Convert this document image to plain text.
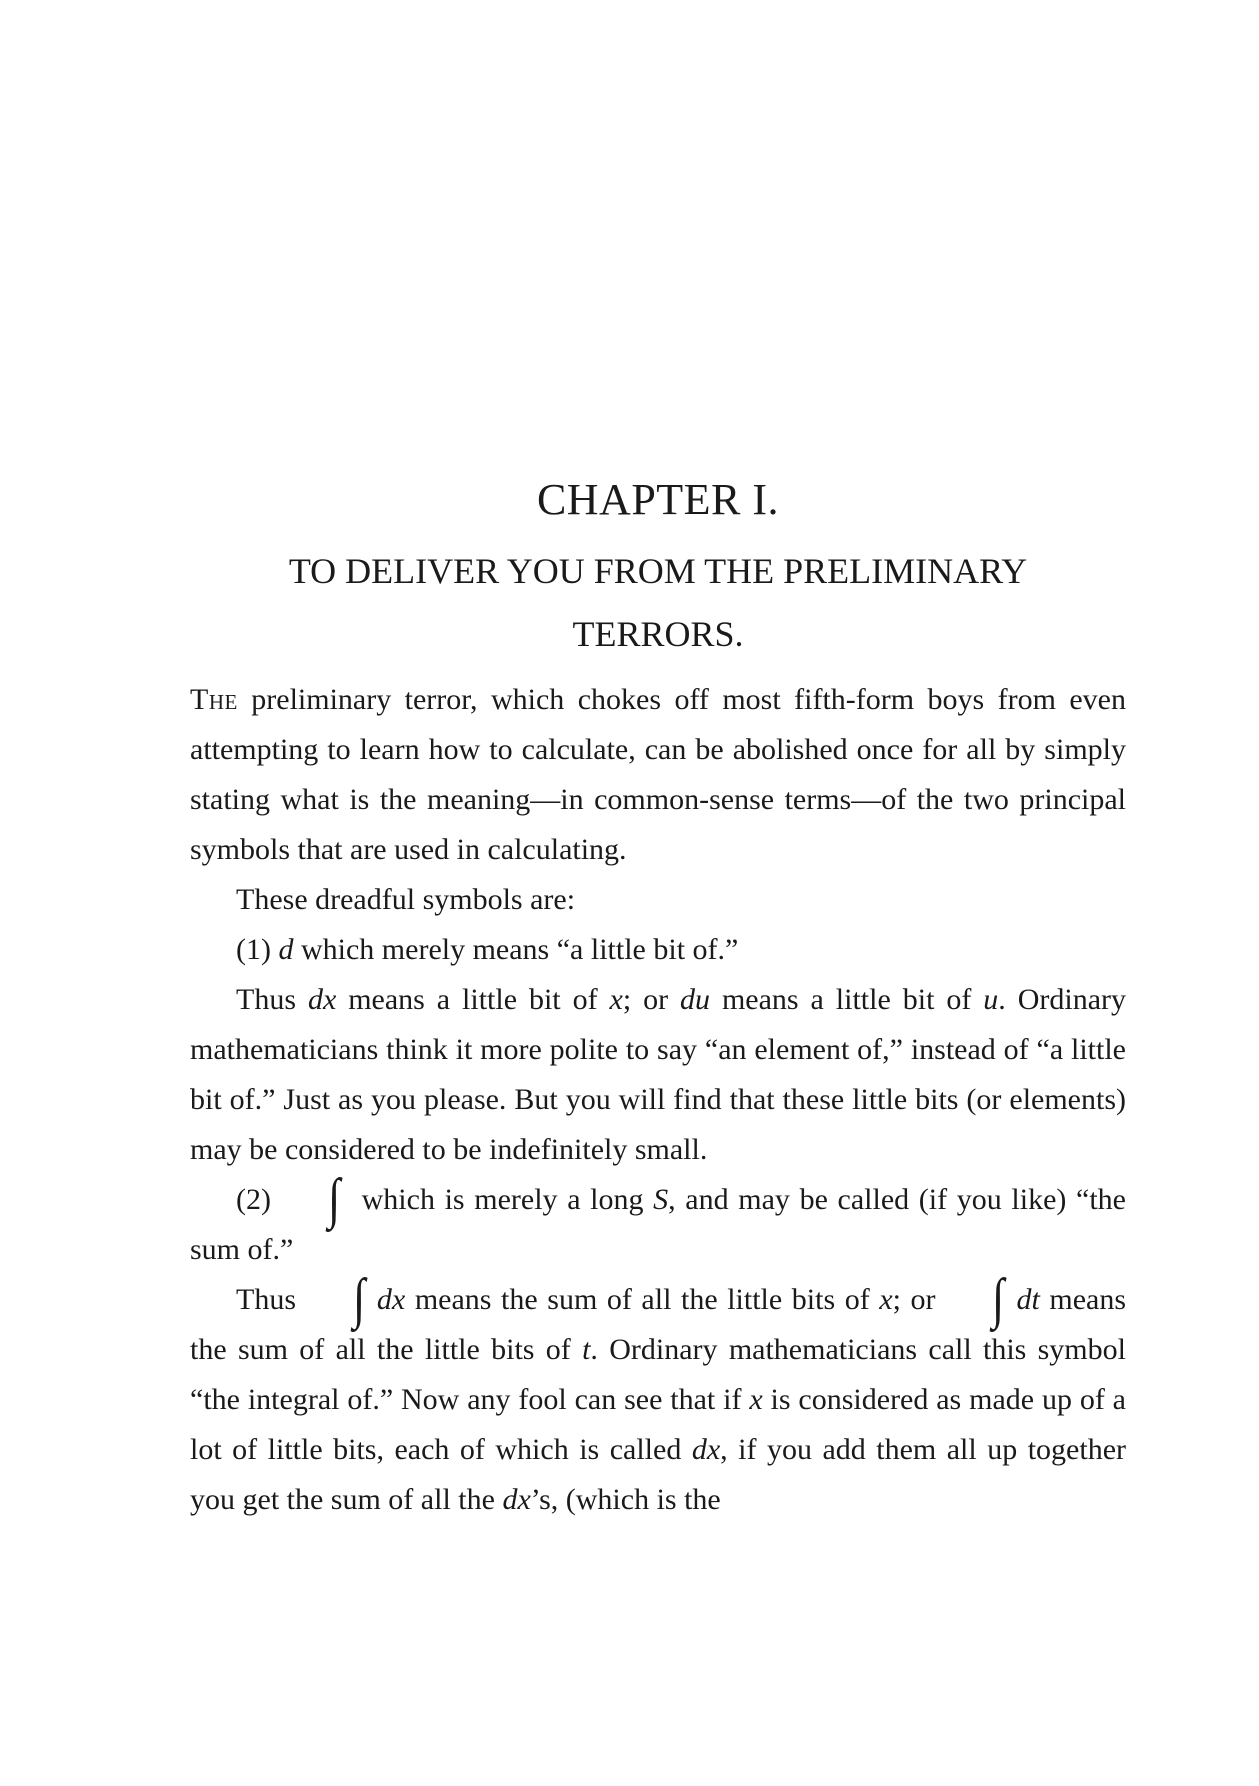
CHAPTER I.
TO DELIVER YOU FROM THE PRELIMINARY
TERRORS.

The preliminary terror, which chokes off most fifth-form boys from even attempting to learn how to calculate, can be abolished once for all by simply stating what is the meaning—in common-sense terms—of the two principal symbols that are used in calculating.

These dreadful symbols are:

(1) d which merely means “a little bit of.”

Thus dx means a little bit of x; or du means a little bit of u. Ordinary mathematicians think it more polite to say “an element of,” instead of “a little bit of.” Just as you please. But you will find that these little bits (or elements) may be considered to be indefinitely small.

(2) ∫ which is merely a long S, and may be called (if you like) “the sum of.”

Thus ∫ dx means the sum of all the little bits of x; or ∫ dt means the sum of all the little bits of t. Ordinary mathematicians call this symbol “the integral of.” Now any fool can see that if x is considered as made up of a lot of little bits, each of which is called dx, if you add them all up together you get the sum of all the dx’s, (which is the
